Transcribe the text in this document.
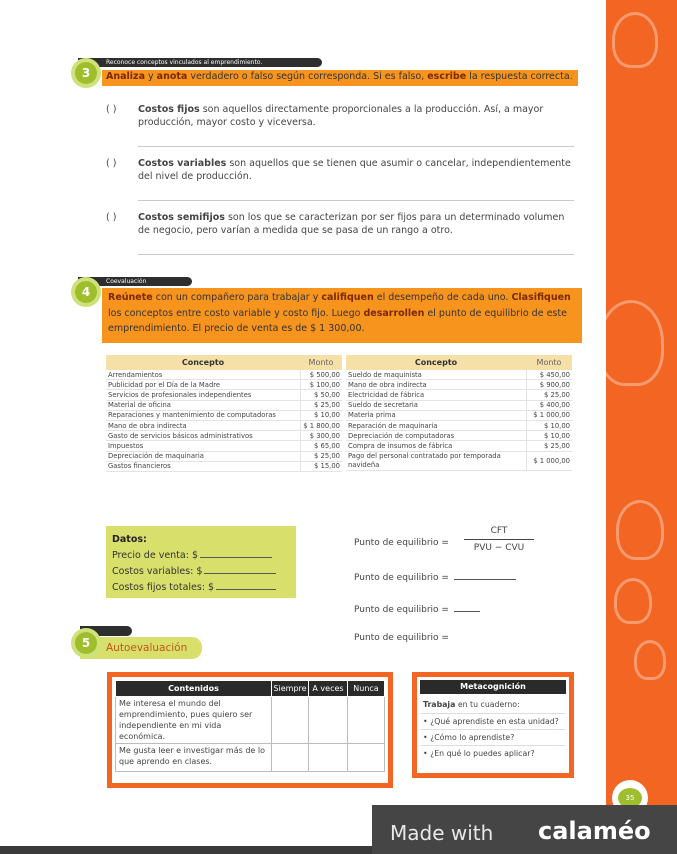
Reconoce conceptos vinculados al emprendimiento.
3	Analiza y anota verdadero o falso según corresponda. Si es falso, escribe la respuesta correcta.
( )	Costos fijos son aquellos directamente proporcionales a la producción. Así, a mayor producción, mayor costo y viceversa.
( )	Costos variables son aquellos que se tienen que asumir o cancelar, independientemente del nivel de producción.
( )	Costos semifijos son los que se caracterizan por ser fijos para un determinado volumen de negocio, pero varían a medida que se pasa de un rango a otro.
Coevaluación
4	Reúnete con un compañero para trabajar y califiquen el desempeño de cada uno. Clasifiquen los conceptos entre costo variable y costo fijo. Luego desarrollen el punto de equilibrio de este emprendimiento. El precio de venta es de $ 1 300,00.
Concepto	Monto
Arrendamientos	$ 500,00
Publicidad por el Día de la Madre	$ 100,00
Servicios de profesionales independientes	$ 50,00
Material de oficina	$ 25,00
Reparaciones y mantenimiento de computadoras	$ 10,00
Mano de obra indirecta	$ 1 800,00
Gasto de servicios básicos administrativos	$ 300,00
Impuestos	$ 65,00
Depreciación de maquinaria	$ 25,00
Gastos financieros	$ 15,00
Concepto	Monto
Sueldo de maquinista	$ 450,00
Mano de obra indirecta	$ 900,00
Electricidad de fábrica	$ 25,00
Sueldo de secretaria	$ 400,00
Materia prima	$ 1 000,00
Reparación de maquinaria	$ 10,00
Depreciación de computadoras	$ 10,00
Compra de insumos de fábrica	$ 25,00
Pago del personal contratado por temporada navideña	$ 1 000,00
Datos:
Precio de venta: $
Costos variables: $
Costos fijos totales: $
Punto de equilibrio =
CFT
PVU − CVU
Punto de equilibrio =
Punto de equilibrio =
Punto de equilibrio =
5	Autoevaluación
Contenidos	Siempre	A veces	Nunca
Me interesa el mundo del emprendimiento, pues quiero ser independiente en mi vida económica.			
Me gusta leer e investigar más de lo que aprendo en clases.			
Metacognición
Trabaja en tu cuaderno:
• ¿Qué aprendiste en esta unidad?
• ¿Cómo lo aprendiste?
• ¿En qué lo puedes aplicar?
35
Made with calaméo
